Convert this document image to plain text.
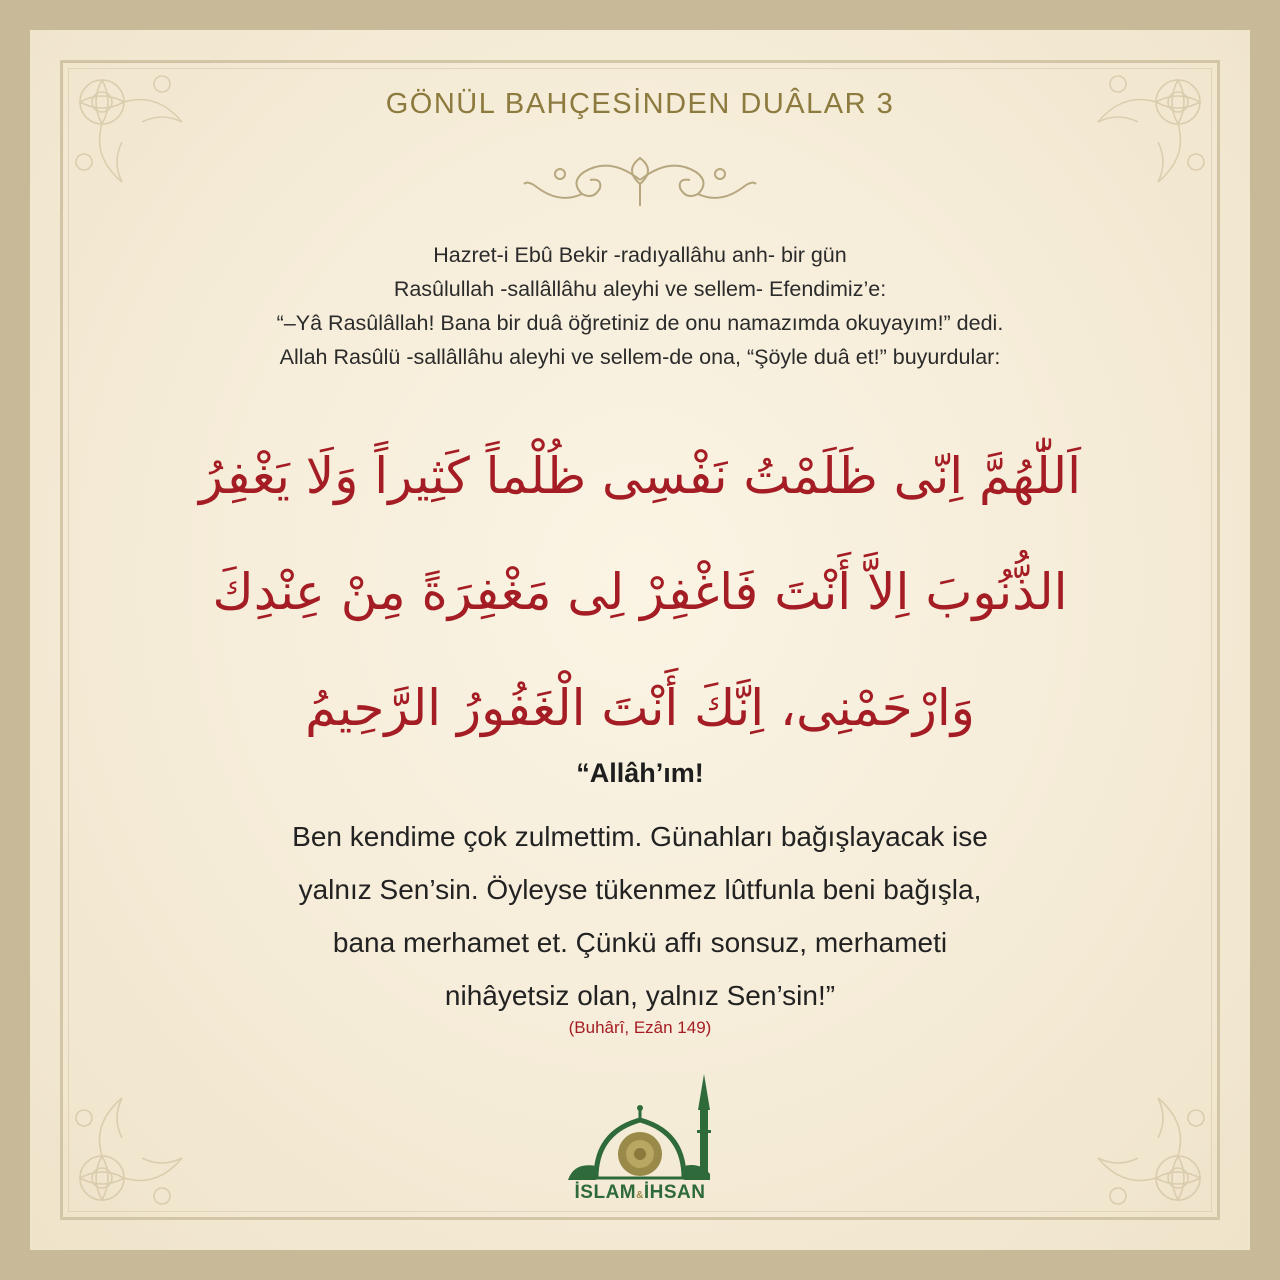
GÖNÜL BAHÇESİNDEN DUÂLAR 3
Hazret-i Ebû Bekir -radıyallâhu anh- bir gün
Rasûlullah -sallâllâhu aleyhi ve sellem- Efendimiz’e:
“–Yâ Rasûlâllah! Bana bir duâ öğretiniz de onu namazımda okuyayım!” dedi.
Allah Rasûlü -sallâllâhu aleyhi ve sellem-de ona, “Şöyle duâ et!” buyurdular:
اَللّٰهُمَّ اِنّى ظَلَمْتُ نَفْسِى ظُلْماً كَثِيراً وَلَا يَغْفِرُ
الذُّنُوبَ اِلاَّ أَنْتَ فَاغْفِرْ لِى مَغْفِرَةً مِنْ عِنْدِكَ
وَارْحَمْنِى، اِنَّكَ أَنْتَ الْغَفُورُ الرَّحِيمُ
“Allâh’ım!
Ben kendime çok zulmettim. Günahları bağışlayacak ise
yalnız Sen’sin. Öyleyse tükenmez lûtfunla beni bağışla,
bana merhamet et. Çünkü affı sonsuz, merhameti
nihâyetsiz olan, yalnız Sen’sin!”
(Buhârî, Ezân 149)
İSLAM&İHSAN
